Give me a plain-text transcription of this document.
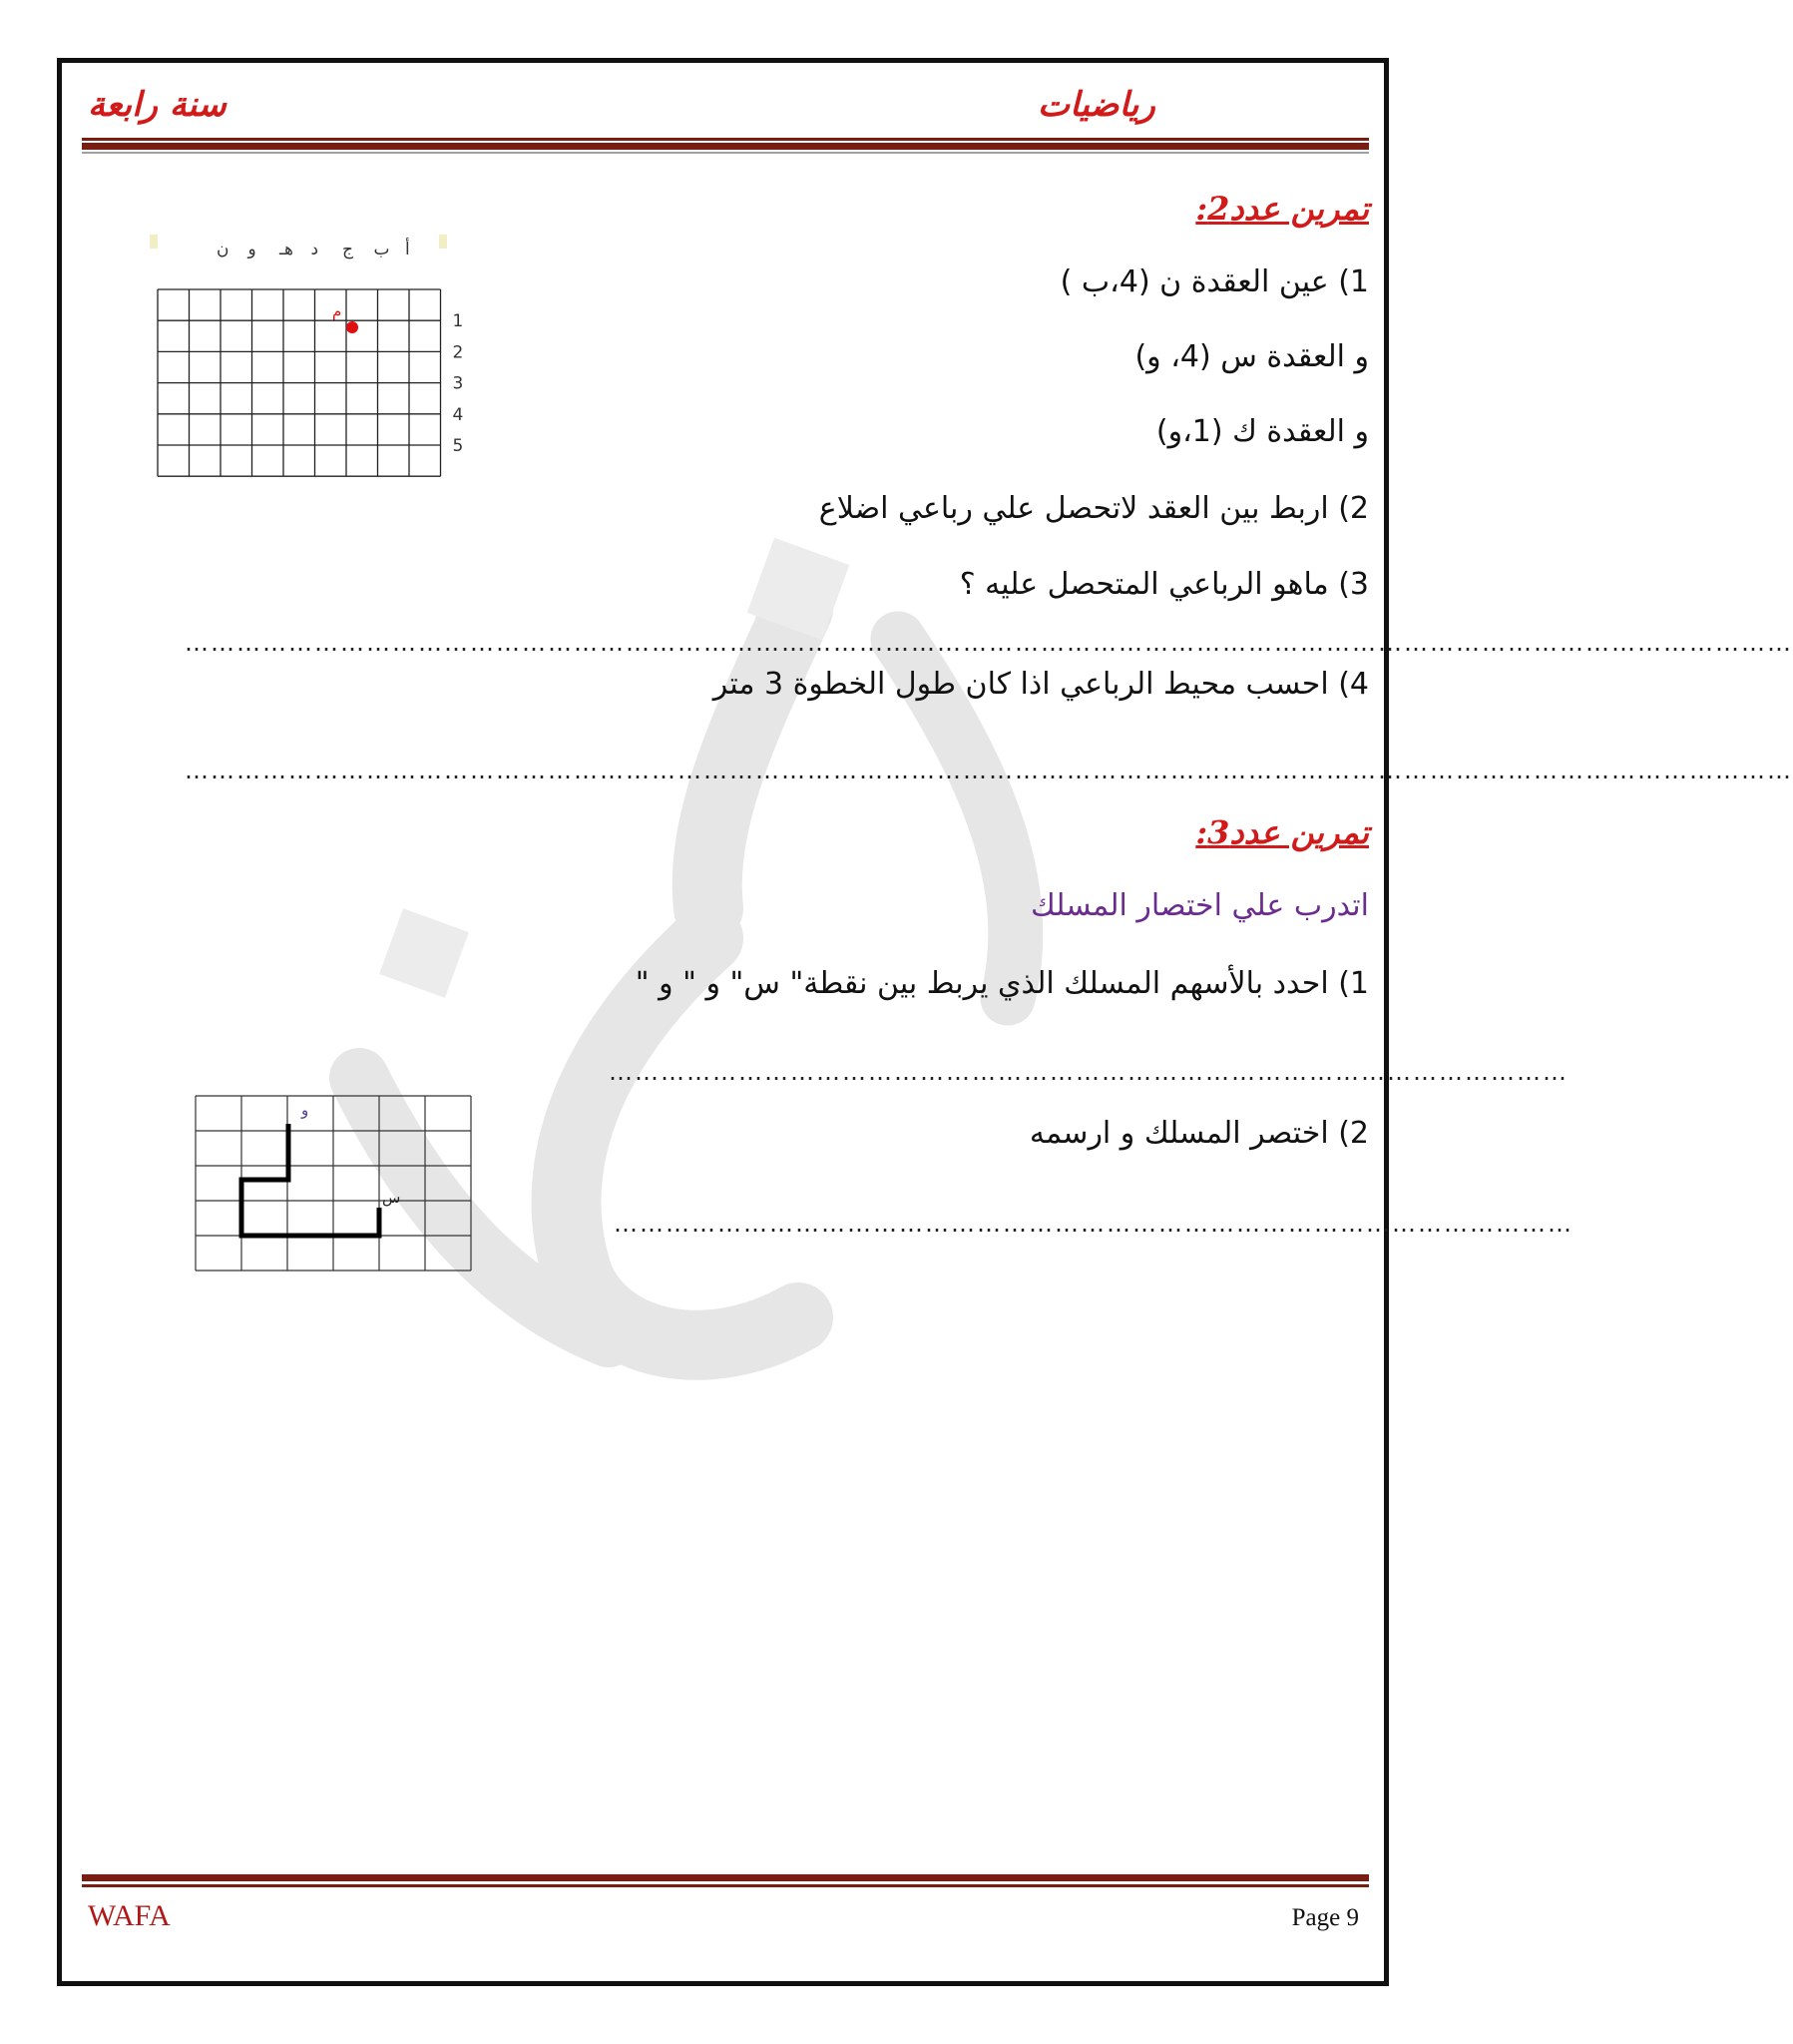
سنة رابعة	رياضيات
تمرين عدد2:
1) عين العقدة ن (4،ب )
و العقدة س (4، و)
و العقدة ك (1،و)
2) اربط بين العقد لاتحصل علي رباعي اضلاع
3) ماهو الرباعي المتحصل عليه ؟
……………………………………………………………………………………………………………………………………………………………………
4) احسب محيط الرباعي اذا كان طول الخطوة 3 متر
……………………………………………………………………………………………………………………………………………………………………
أ
ب
ج
د
هـ
و
ن
1
2
3
4
5
م
تمرين عدد3:
اتدرب علي اختصار المسلك
1) احدد بالأسهم المسلك الذي يربط بين نقطة" س" و " و "
…………………………………………………………………………………………………
2) اختصر المسلك و ارسمه
…………………………………………………………………………………………………
و
س
WAFA	Page 9
